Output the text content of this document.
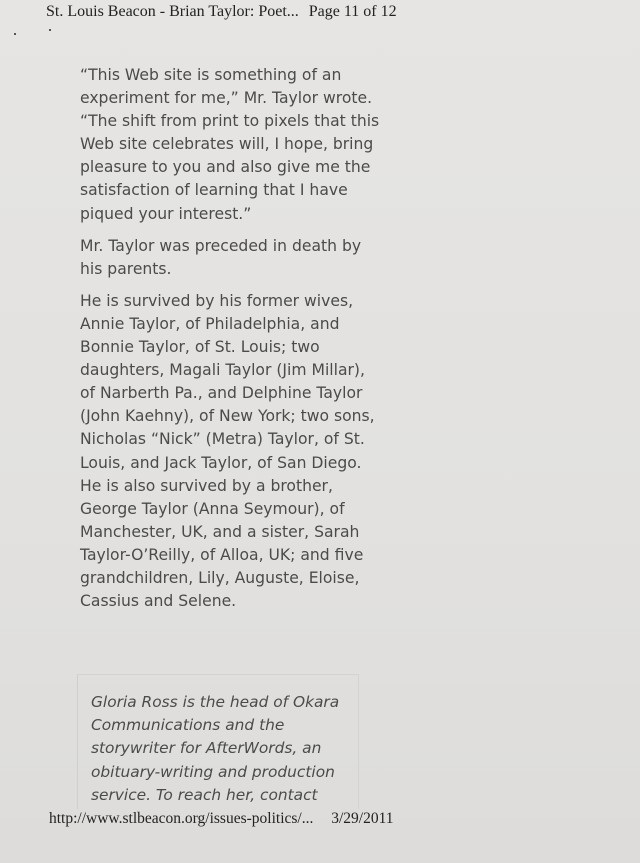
St. Louis Beacon - Brian Taylor: Poet... Page 11 of 12

“This Web site is something of an experiment for me,” Mr. Taylor wrote. “The shift from print to pixels that this Web site celebrates will, I hope, bring pleasure to you and also give me the satisfaction of learning that I have piqued your interest.”

Mr. Taylor was preceded in death by his parents.

He is survived by his former wives, Annie Taylor, of Philadelphia, and Bonnie Taylor, of St. Louis; two daughters, Magali Taylor (Jim Millar), of Narberth Pa., and Delphine Taylor (John Kaehny), of New York; two sons, Nicholas “Nick” (Metra) Taylor, of St. Louis, and Jack Taylor, of San Diego. He is also survived by a brother, George Taylor (Anna Seymour), of Manchester, UK, and a sister, Sarah Taylor-O’Reilly, of Alloa, UK; and five grandchildren, Lily, Auguste, Eloise, Cassius and Selene.

Gloria Ross is the head of Okara Communications and the storywriter for AfterWords, an obituary-writing and production service. To reach her, contact

http://www.stlbeacon.org/issues-politics/... 3/29/2011
